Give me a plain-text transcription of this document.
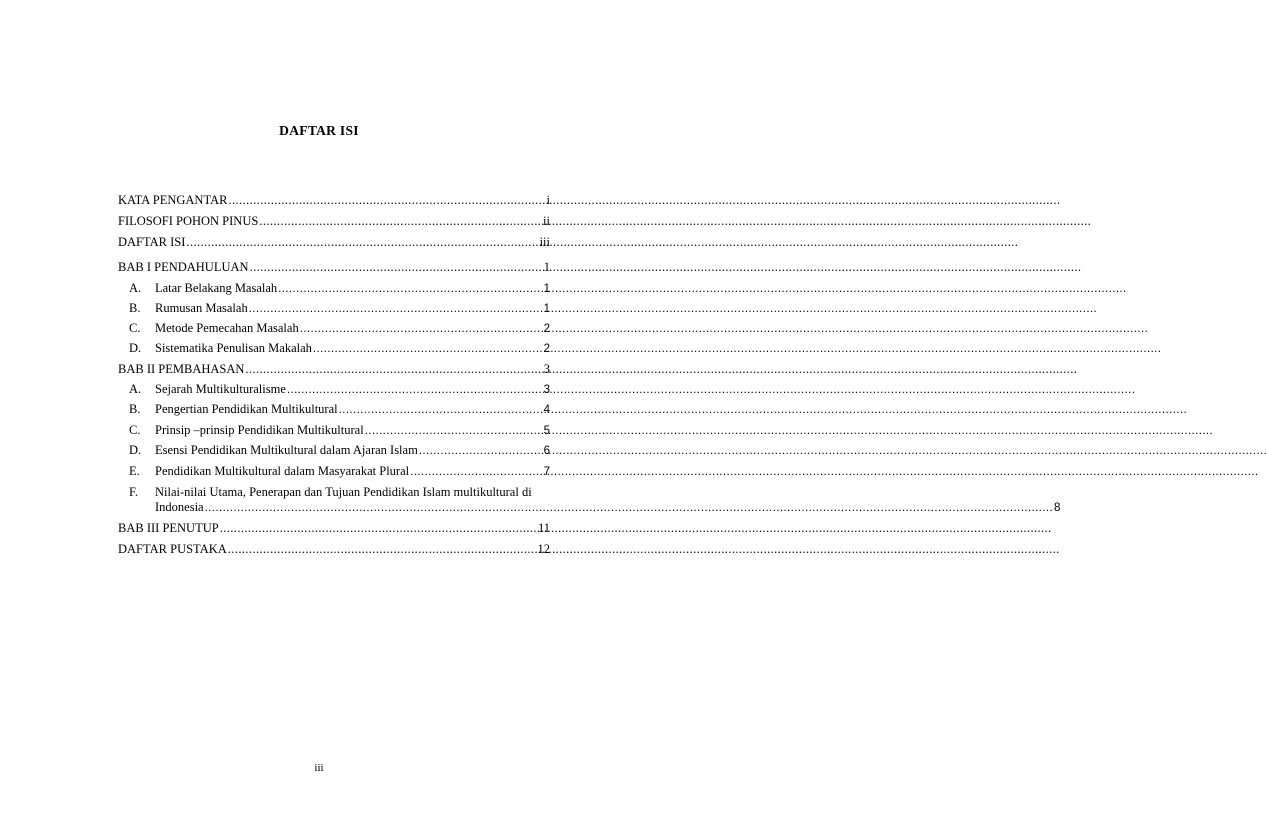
DAFTAR ISI
KATA PENGANTAR .....	i
FILOSOFI POHON PINUS .....	ii
DAFTAR ISI .....	iii
BAB I PENDAHULUAN .....	1
A.	Latar Belakang Masalah .....	1
B.	Rumusan Masalah .....	1
C.	Metode Pemecahan Masalah .....	2
D.	Sistematika Penulisan Makalah .....	2
BAB II PEMBAHASAN .....	3
A.	Sejarah Multikulturalisme .....	3
B.	Pengertian Pendidikan Multikultural .....	4
C.	Prinsip –prinsip Pendidikan Multikultural .....	5
D.	Esensi Pendidikan Multikultural dalam Ajaran Islam .....	6
E.	Pendidikan Multikultural dalam Masyarakat Plural .....	7
F.	Nilai-nilai Utama, Penerapan dan Tujuan Pendidikan Islam multikultural di
Indonesia .....	8
BAB III PENUTUP .....	11
DAFTAR PUSTAKA .....	12
iii
